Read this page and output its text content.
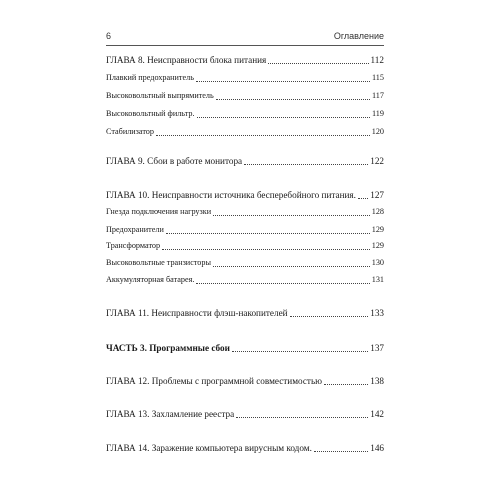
6	Оглавление
ГЛАВА 8. Неисправности блока питания	112
Плавкий предохранитель	115
Высоковольтный выпрямитель	117
Высоковольтный фильтр.	119
Стабилизатор	120
ГЛАВА 9. Сбои в работе монитора	122
ГЛАВА 10. Неисправности источника бесперебойного питания. 127
Гнезда подключения нагрузки	128
Предохранители	129
Трансформатор	129
Высоковольтные транзисторы	130
Аккумуляторная батарея.	131
ГЛАВА 11. Неисправности флэш-накопителей	133
ЧАСТЬ 3. Программные сбои	137
ГЛАВА 12. Проблемы с программной совместимостью	138
ГЛАВА 13. Захламление реестра	142
ГЛАВА 14. Заражение компьютера вирусным кодом.	146
